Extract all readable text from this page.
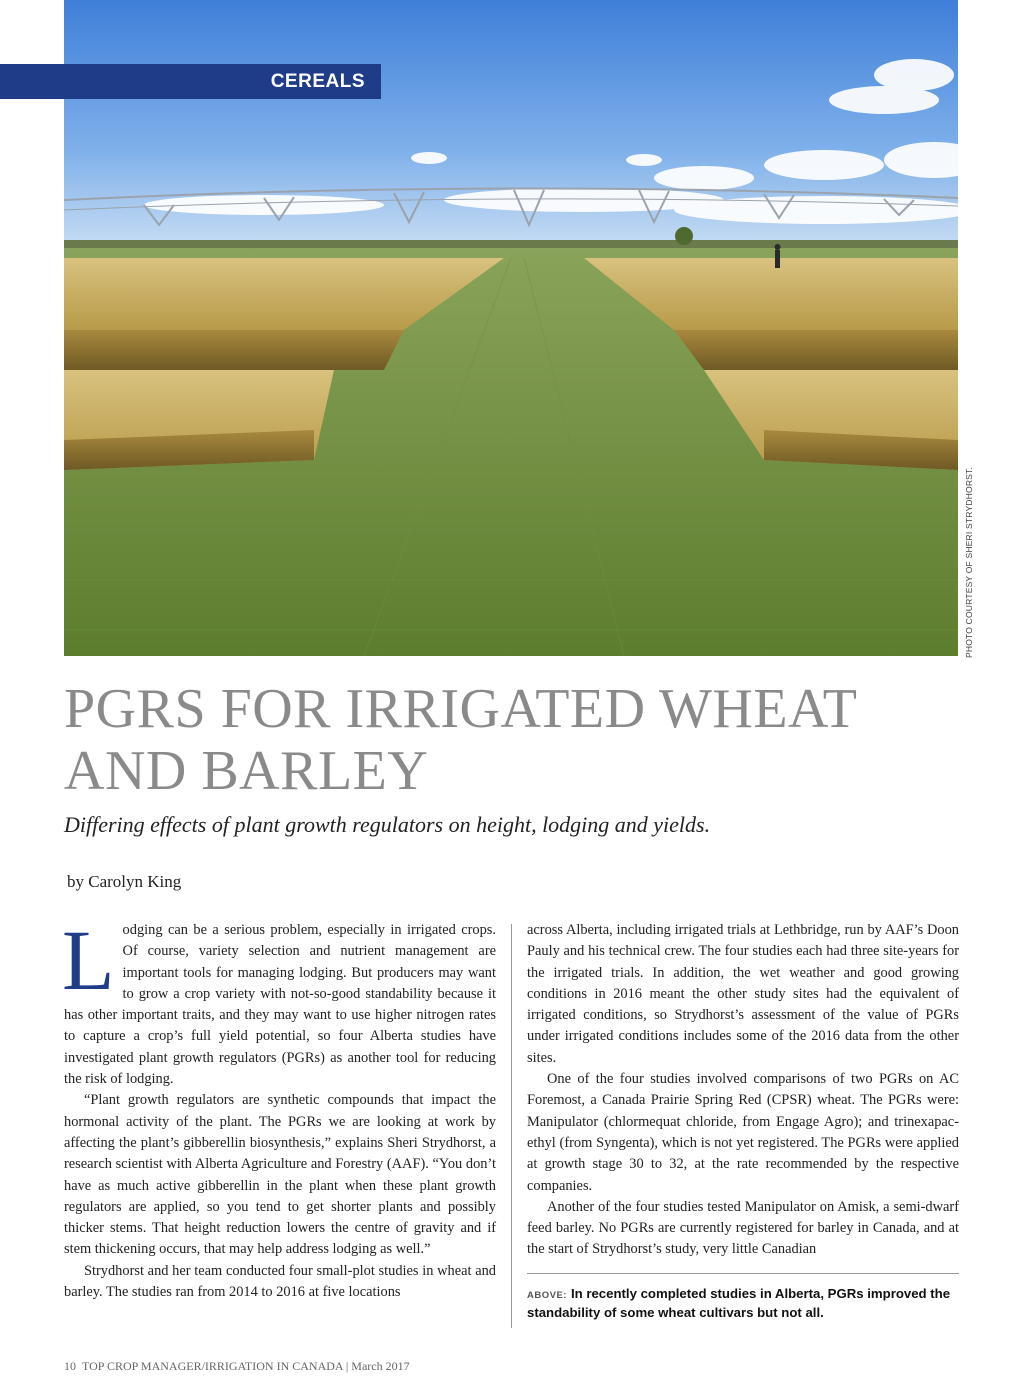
PHOTO COURTESY OF SHERI STRYDHORST.
CEREALS
PGRS FOR IRRIGATED WHEAT AND BARLEY

Differing effects of plant growth regulators on height, lodging and yields.

by Carolyn King

Lodging can be a serious problem, especially in irrigated crops. Of course, variety selection and nutrient management are important tools for managing lodging. But producers may want to grow a crop variety with not-so-good standability because it has other important traits, and they may want to use higher nitrogen rates to capture a crop’s full yield potential, so four Alberta studies have investigated plant growth regulators (PGRs) as another tool for reducing the risk of lodging.

“Plant growth regulators are synthetic compounds that impact the hormonal activity of the plant. The PGRs we are looking at work by affecting the plant’s gibberellin biosynthesis,” explains Sheri Strydhorst, a research scientist with Alberta Agriculture and Forestry (AAF). “You don’t have as much active gibberellin in the plant when these plant growth regulators are applied, so you tend to get shorter plants and possibly thicker stems. That height reduction lowers the centre of gravity and if stem thickening occurs, that may help address lodging as well.”

Strydhorst and her team conducted four small-plot studies in wheat and barley. The studies ran from 2014 to 2016 at five locations

across Alberta, including irrigated trials at Lethbridge, run by AAF’s Doon Pauly and his technical crew. The four studies each had three site-years for the irrigated trials. In addition, the wet weather and good growing conditions in 2016 meant the other study sites had the equivalent of irrigated conditions, so Strydhorst’s assessment of the value of PGRs under irrigated conditions includes some of the 2016 data from the other sites.

One of the four studies involved comparisons of two PGRs on AC Foremost, a Canada Prairie Spring Red (CPSR) wheat. The PGRs were: Manipulator (chlormequat chloride, from Engage Agro); and trinexapac-ethyl (from Syngenta), which is not yet registered. The PGRs were applied at growth stage 30 to 32, at the rate recommended by the respective companies.

Another of the four studies tested Manipulator on Amisk, a semi-dwarf feed barley. No PGRs are currently registered for barley in Canada, and at the start of Strydhorst’s study, very little Canadian

ABOVE: In recently completed studies in Alberta, PGRs improved the standability of some wheat cultivars but not all.
10 TOP CROP MANAGER/IRRIGATION IN CANADA | March 2017
